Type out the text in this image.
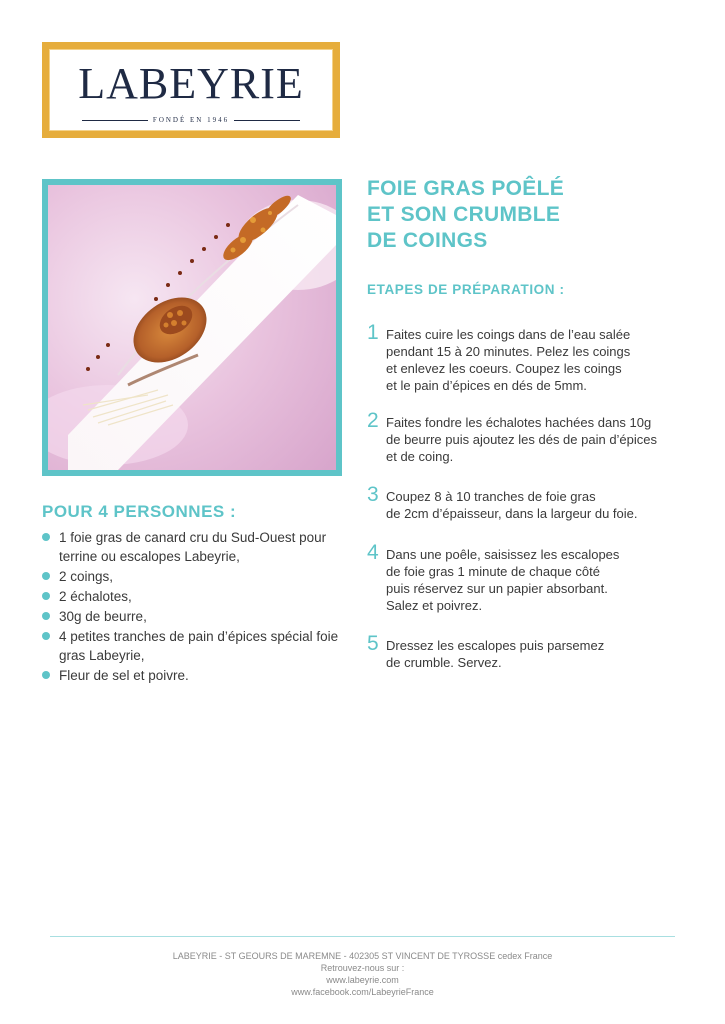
LABEYRIE
FONDÉ EN 1946
FOIE GRAS POÊLÉ
ET SON CRUMBLE
DE COINGS
ETAPES DE PRÉPARATION :
1 Faites cuire les coings dans de l’eau salée
pendant 15 à 20 minutes. Pelez les coings
et enlevez les coeurs. Coupez les coings
et le pain d’épices en dés de 5mm.
2 Faites fondre les échalotes hachées dans 10g
de beurre puis ajoutez les dés de pain d’épices
et de coing.
3 Coupez 8 à 10 tranches de foie gras
de 2cm d’épaisseur, dans la largeur du foie.
4 Dans une poêle, saisissez les escalopes
de foie gras 1 minute de chaque côté
puis réservez sur un papier absorbant.
Salez et poivrez.
5 Dressez les escalopes puis parsemez
de crumble. Servez.
POUR 4 PERSONNES :
1 foie gras de canard cru du Sud-Ouest pour terrine ou escalopes Labeyrie,
2 coings,
2 échalotes,
30g de beurre,
4 petites tranches de pain d’épices spécial foie gras Labeyrie,
Fleur de sel et poivre.
LABEYRIE - ST GEOURS DE MAREMNE - 402305 ST VINCENT DE TYROSSE cedex France
Retrouvez-nous sur :
www.labeyrie.com
www.facebook.com/LabeyrieFrance
